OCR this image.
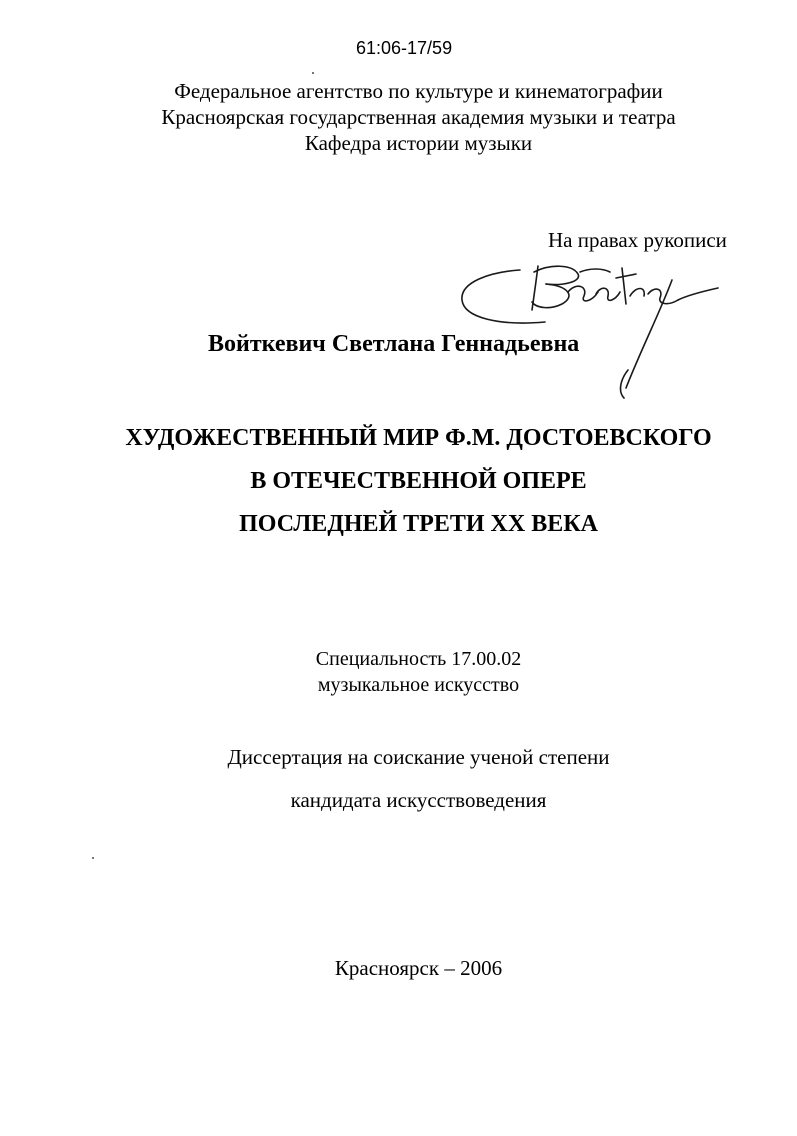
61:06-17/59
Федеральное агентство по культуре и кинематографии
Красноярская государственная академия музыки и театра
Кафедра истории музыки
На правах рукописи
Войткевич Светлана Геннадьевна
ХУДОЖЕСТВЕННЫЙ МИР Ф.М. ДОСТОЕВСКОГО
В ОТЕЧЕСТВЕННОЙ ОПЕРЕ
ПОСЛЕДНЕЙ ТРЕТИ XX ВЕКА
Специальность 17.00.02
музыкальное искусство
Диссертация на соискание ученой степени
кандидата искусствоведения
Красноярск – 2006
